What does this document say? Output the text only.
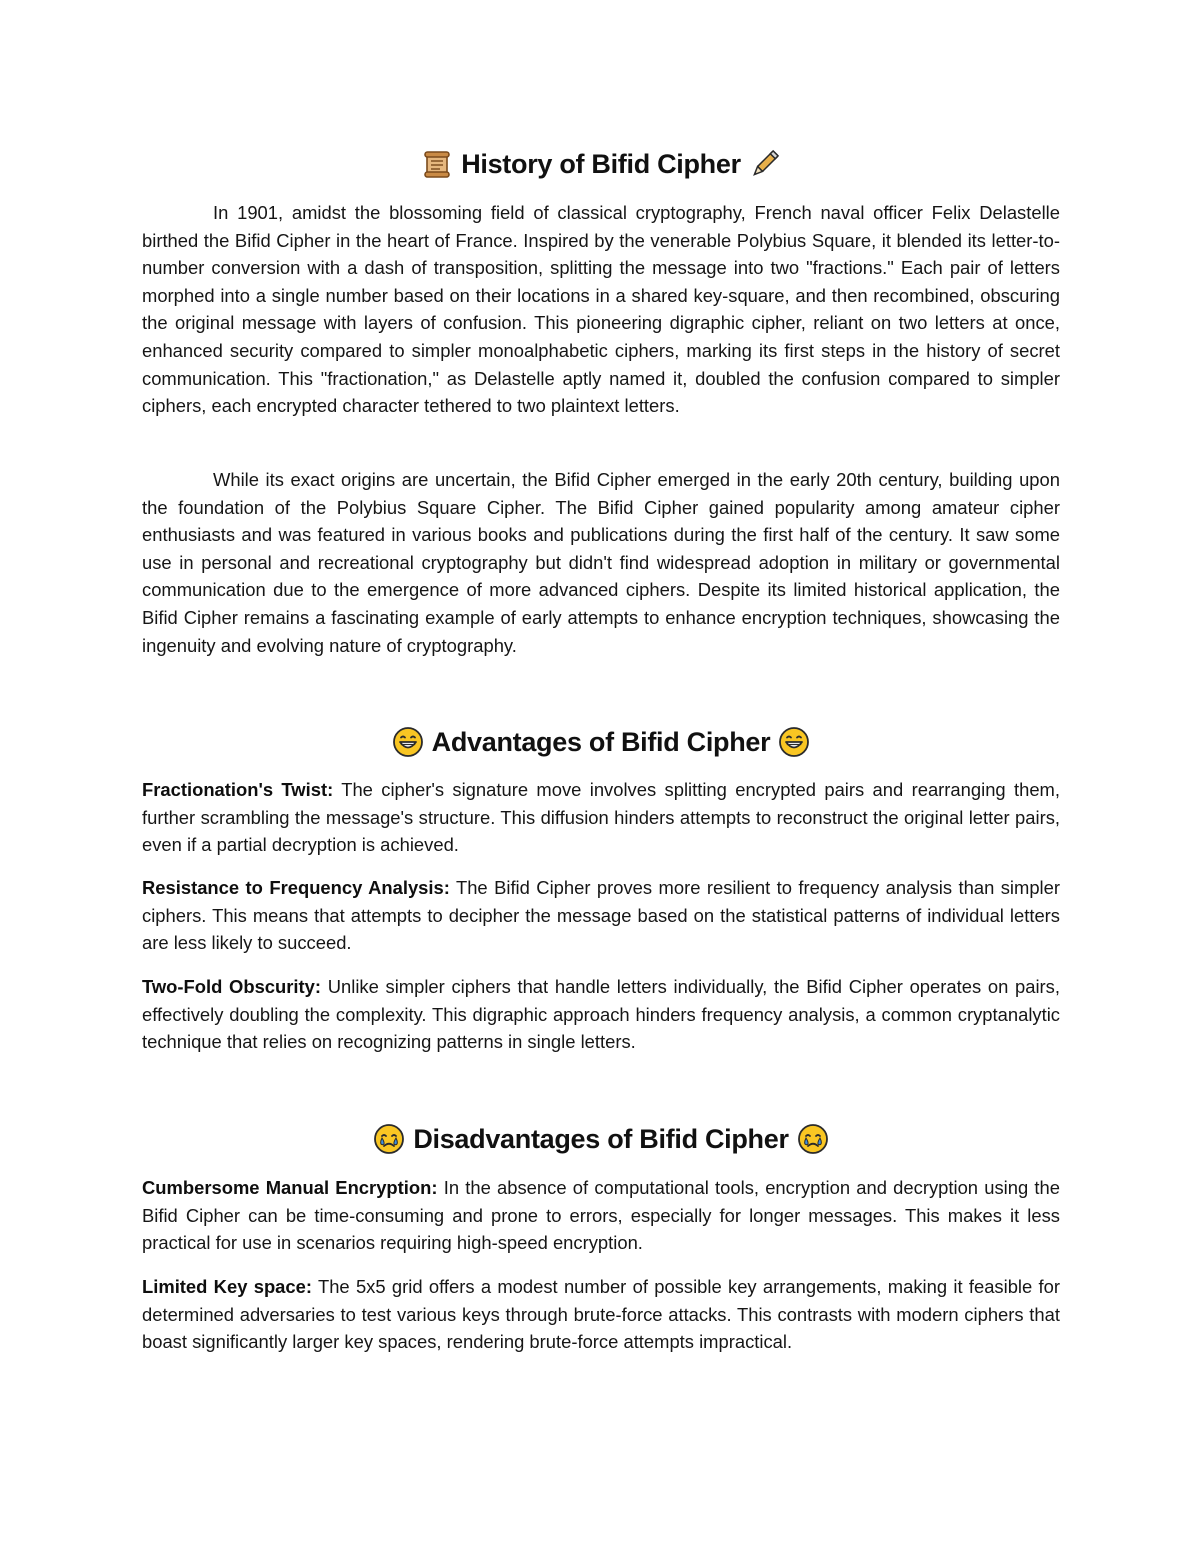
History of Bifid Cipher

In 1901, amidst the blossoming field of classical cryptography, French naval officer Felix Delastelle birthed the Bifid Cipher in the heart of France. Inspired by the venerable Polybius Square, it blended its letter-to-number conversion with a dash of transposition, splitting the message into two "fractions." Each pair of letters morphed into a single number based on their locations in a shared key-square, and then recombined, obscuring the original message with layers of confusion. This pioneering digraphic cipher, reliant on two letters at once, enhanced security compared to simpler monoalphabetic ciphers, marking its first steps in the history of secret communication. This "fractionation," as Delastelle aptly named it, doubled the confusion compared to simpler ciphers, each encrypted character tethered to two plaintext letters.

While its exact origins are uncertain, the Bifid Cipher emerged in the early 20th century, building upon the foundation of the Polybius Square Cipher. The Bifid Cipher gained popularity among amateur cipher enthusiasts and was featured in various books and publications during the first half of the century. It saw some use in personal and recreational cryptography but didn't find widespread adoption in military or governmental communication due to the emergence of more advanced ciphers. Despite its limited historical application, the Bifid Cipher remains a fascinating example of early attempts to enhance encryption techniques, showcasing the ingenuity and evolving nature of cryptography.

Advantages of Bifid Cipher

Fractionation's Twist: The cipher's signature move involves splitting encrypted pairs and rearranging them, further scrambling the message's structure. This diffusion hinders attempts to reconstruct the original letter pairs, even if a partial decryption is achieved.

Resistance to Frequency Analysis: The Bifid Cipher proves more resilient to frequency analysis than simpler ciphers. This means that attempts to decipher the message based on the statistical patterns of individual letters are less likely to succeed.

Two-Fold Obscurity: Unlike simpler ciphers that handle letters individually, the Bifid Cipher operates on pairs, effectively doubling the complexity. This digraphic approach hinders frequency analysis, a common cryptanalytic technique that relies on recognizing patterns in single letters.

Disadvantages of Bifid Cipher

Cumbersome Manual Encryption: In the absence of computational tools, encryption and decryption using the Bifid Cipher can be time-consuming and prone to errors, especially for longer messages. This makes it less practical for use in scenarios requiring high-speed encryption.

Limited Key space: The 5x5 grid offers a modest number of possible key arrangements, making it feasible for determined adversaries to test various keys through brute-force attacks. This contrasts with modern ciphers that boast significantly larger key spaces, rendering brute-force attempts impractical.
